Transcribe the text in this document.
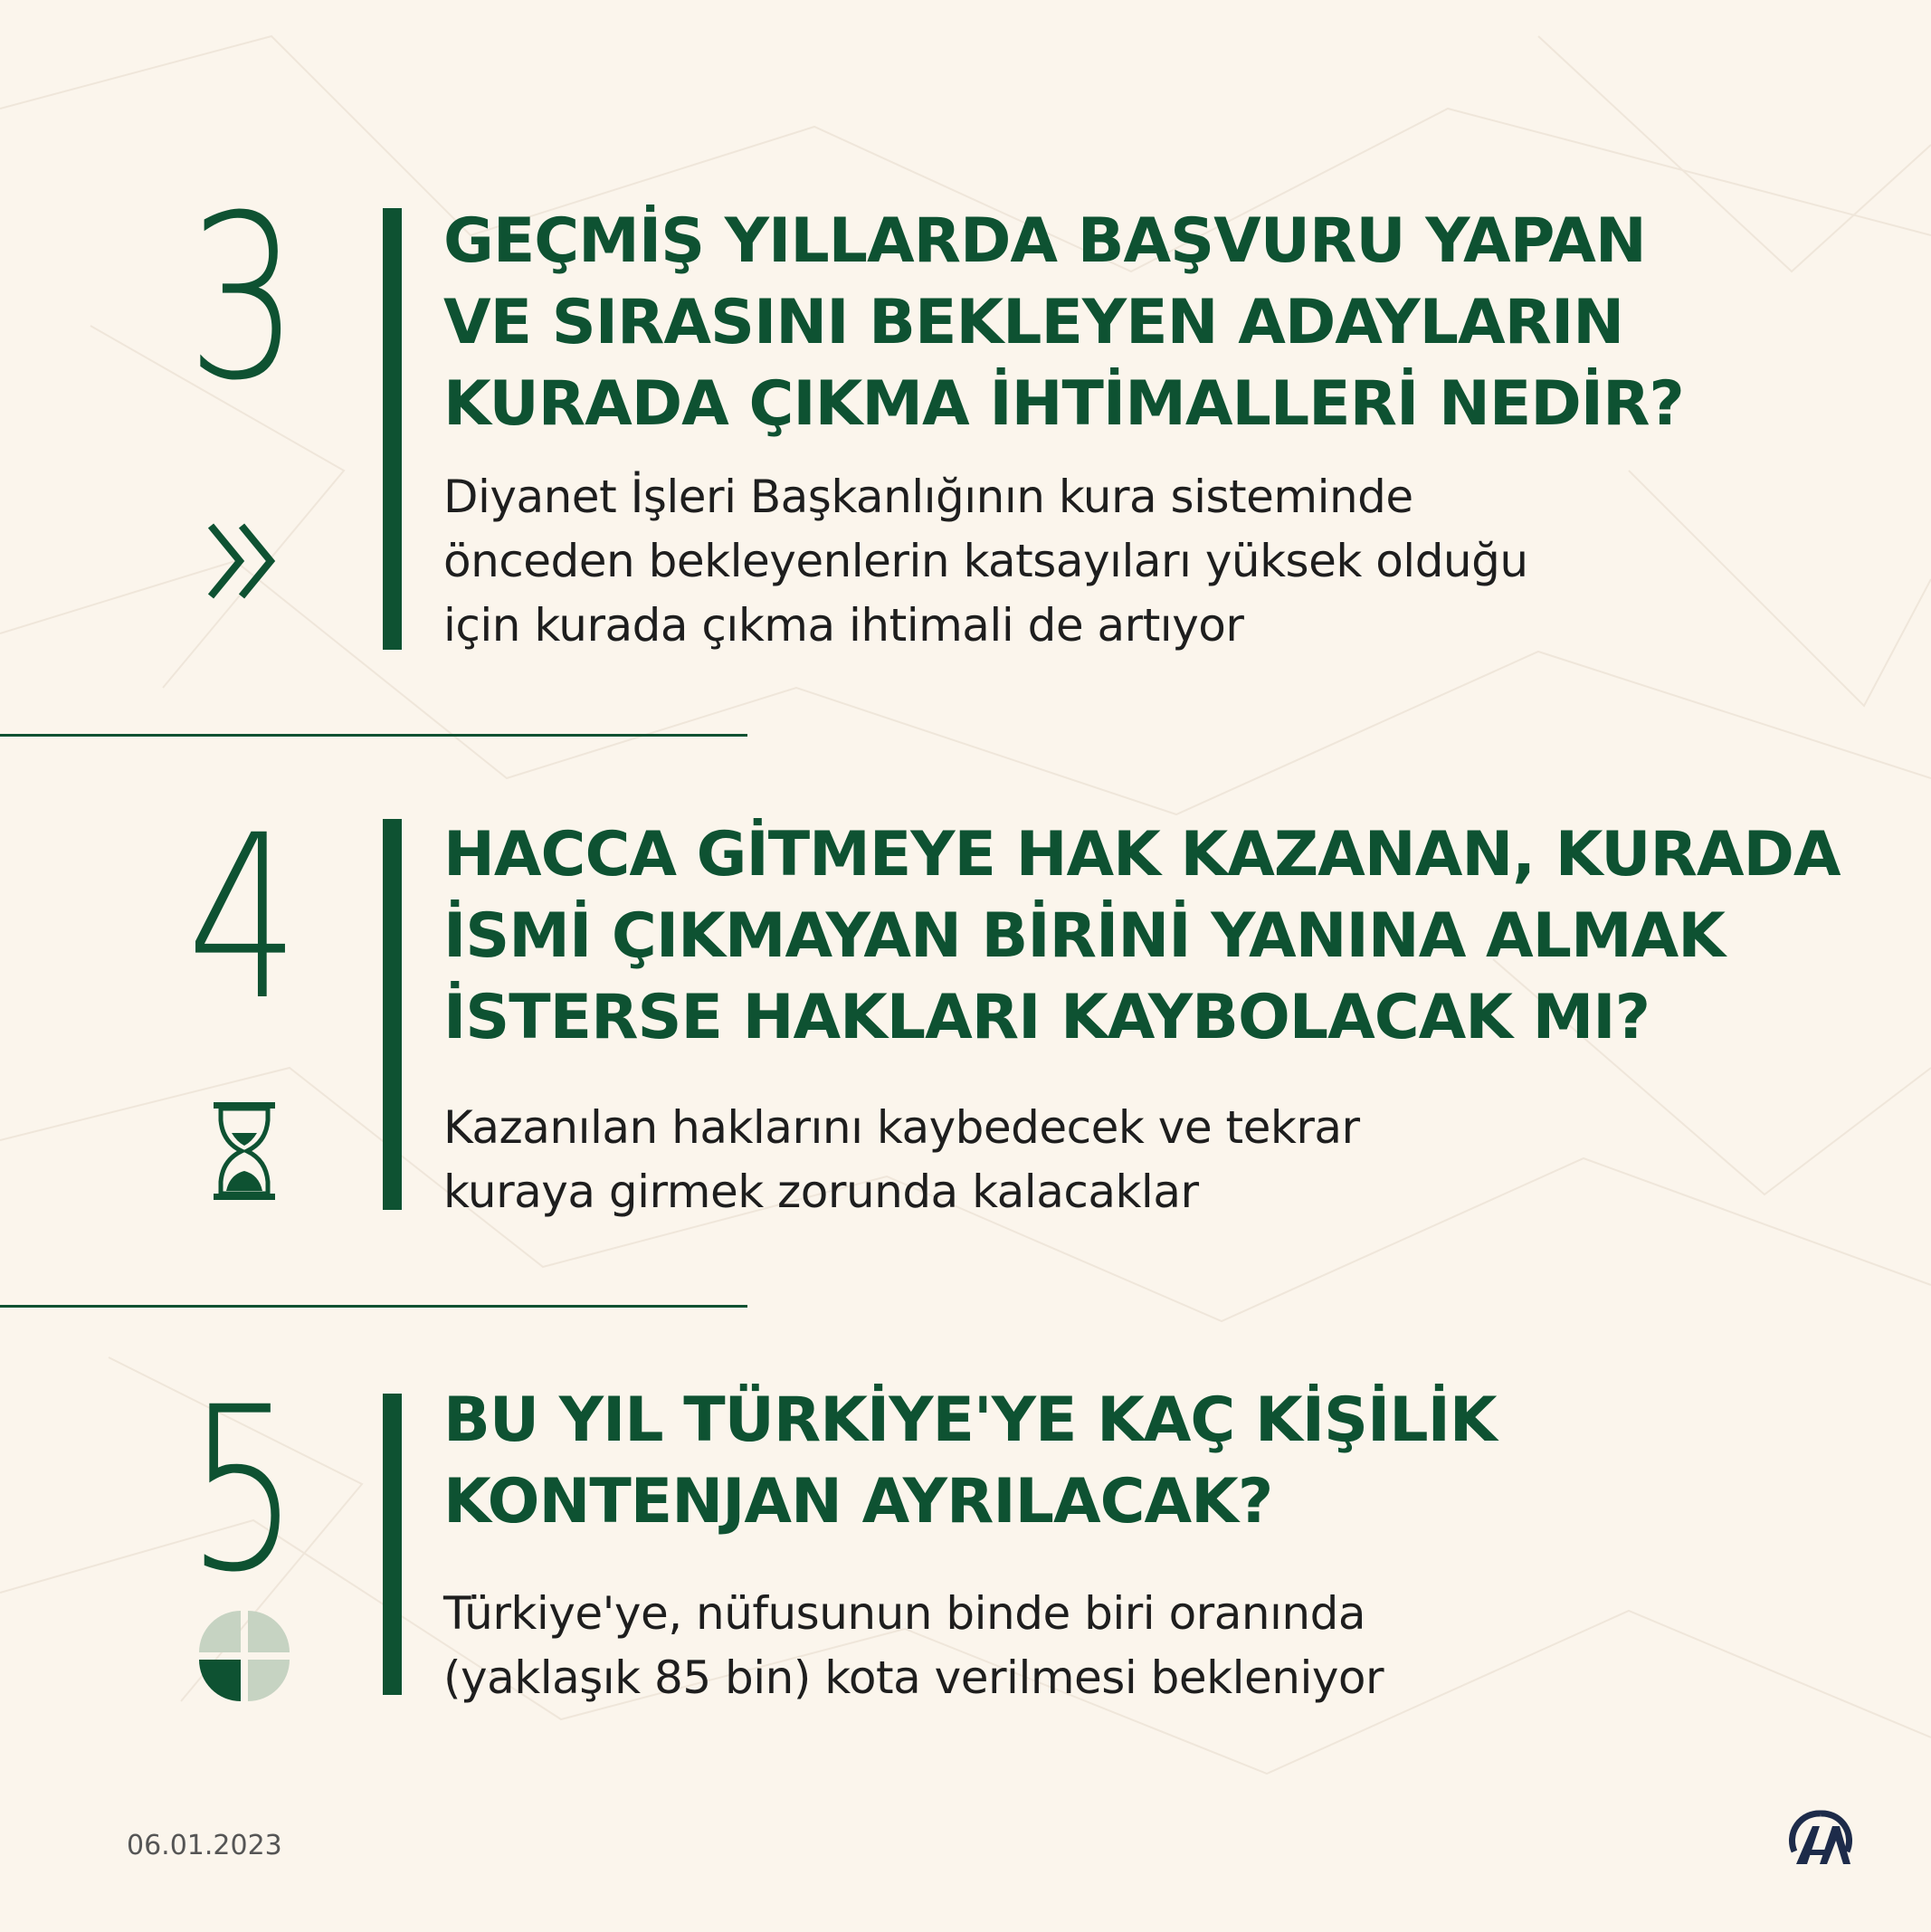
3 GEÇMİŞ YILLARDA BAŞVURU YAPAN
VE SIRASINI BEKLEYEN ADAYLARIN
KURADA ÇIKMA İHTİMALLERİ NEDİR?
Diyanet İşleri Başkanlığının kura sisteminde
önceden bekleyenlerin katsayıları yüksek olduğu
için kurada çıkma ihtimali de artıyor
4 HACCA GİTMEYE HAK KAZANAN, KURADA
İSMİ ÇIKMAYAN BİRİNİ YANINA ALMAK
İSTERSE HAKLARI KAYBOLACAK MI?
Kazanılan haklarını kaybedecek ve tekrar
kuraya girmek zorunda kalacaklar
5 BU YIL TÜRKİYE'YE KAÇ KİŞİLİK
KONTENJAN AYRILACAK?
Türkiye'ye, nüfusunun binde biri oranında
(yaklaşık 85 bin) kota verilmesi bekleniyor
06.01.2023
